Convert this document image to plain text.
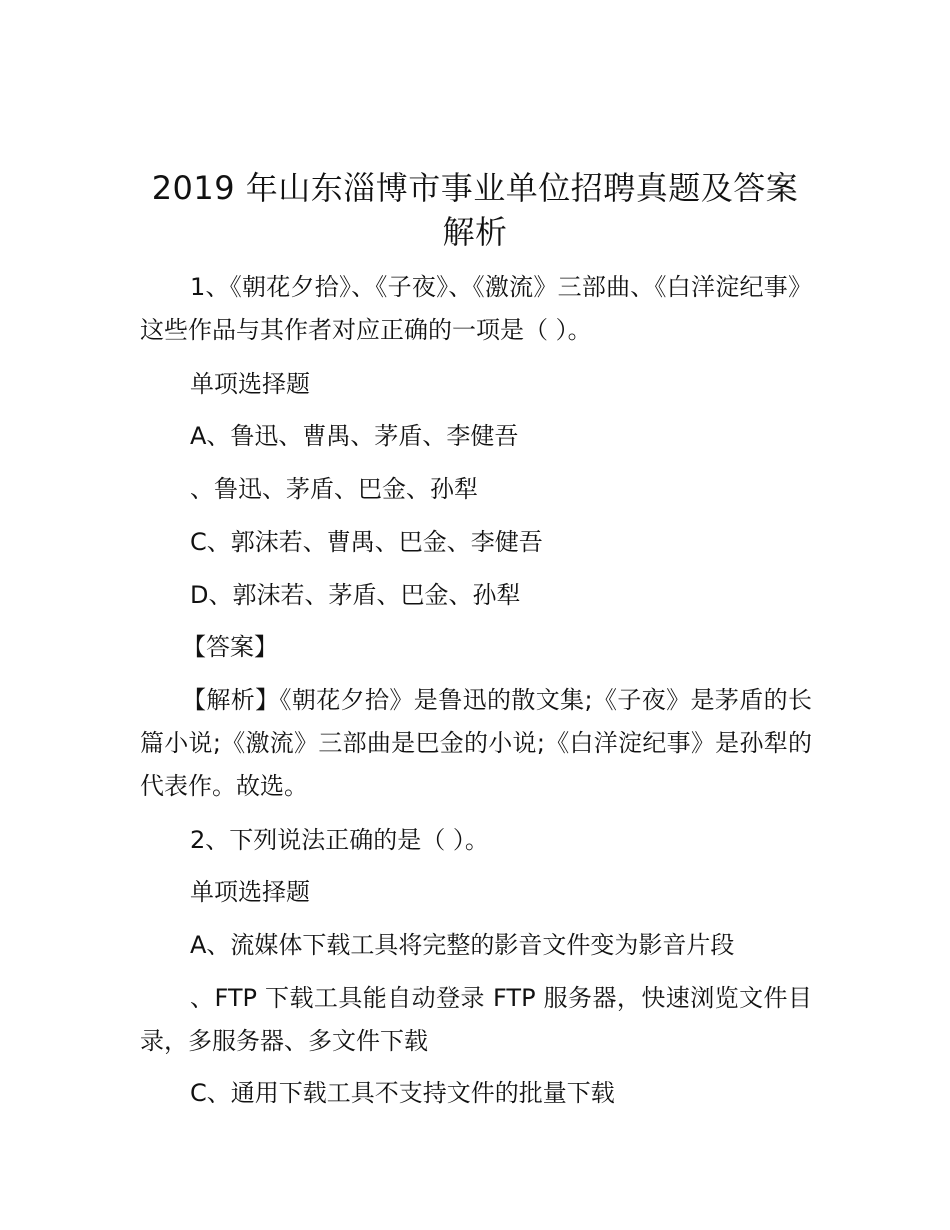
2019 年山东淄博市事业单位招聘真题及答案
解析

1、《朝花夕拾》、《子夜》、《激流》三部曲、《白洋淀纪事》这些作品与其作者对应正确的一项是（ ）。

单项选择题

A、鲁迅、曹禺、茅盾、李健吾

、鲁迅、茅盾、巴金、孙犁

C、郭沫若、曹禺、巴金、李健吾

D、郭沫若、茅盾、巴金、孙犁

【答案】

【解析】《朝花夕拾》是鲁迅的散文集;《子夜》是茅盾的长篇小说;《激流》三部曲是巴金的小说;《白洋淀纪事》是孙犁的代表作。故选。

2、下列说法正确的是（ ）。

单项选择题

A、流媒体下载工具将完整的影音文件变为影音片段

、FTP 下载工具能自动登录 FTP 服务器，快速浏览文件目录，多服务器、多文件下载

C、通用下载工具不支持文件的批量下载
